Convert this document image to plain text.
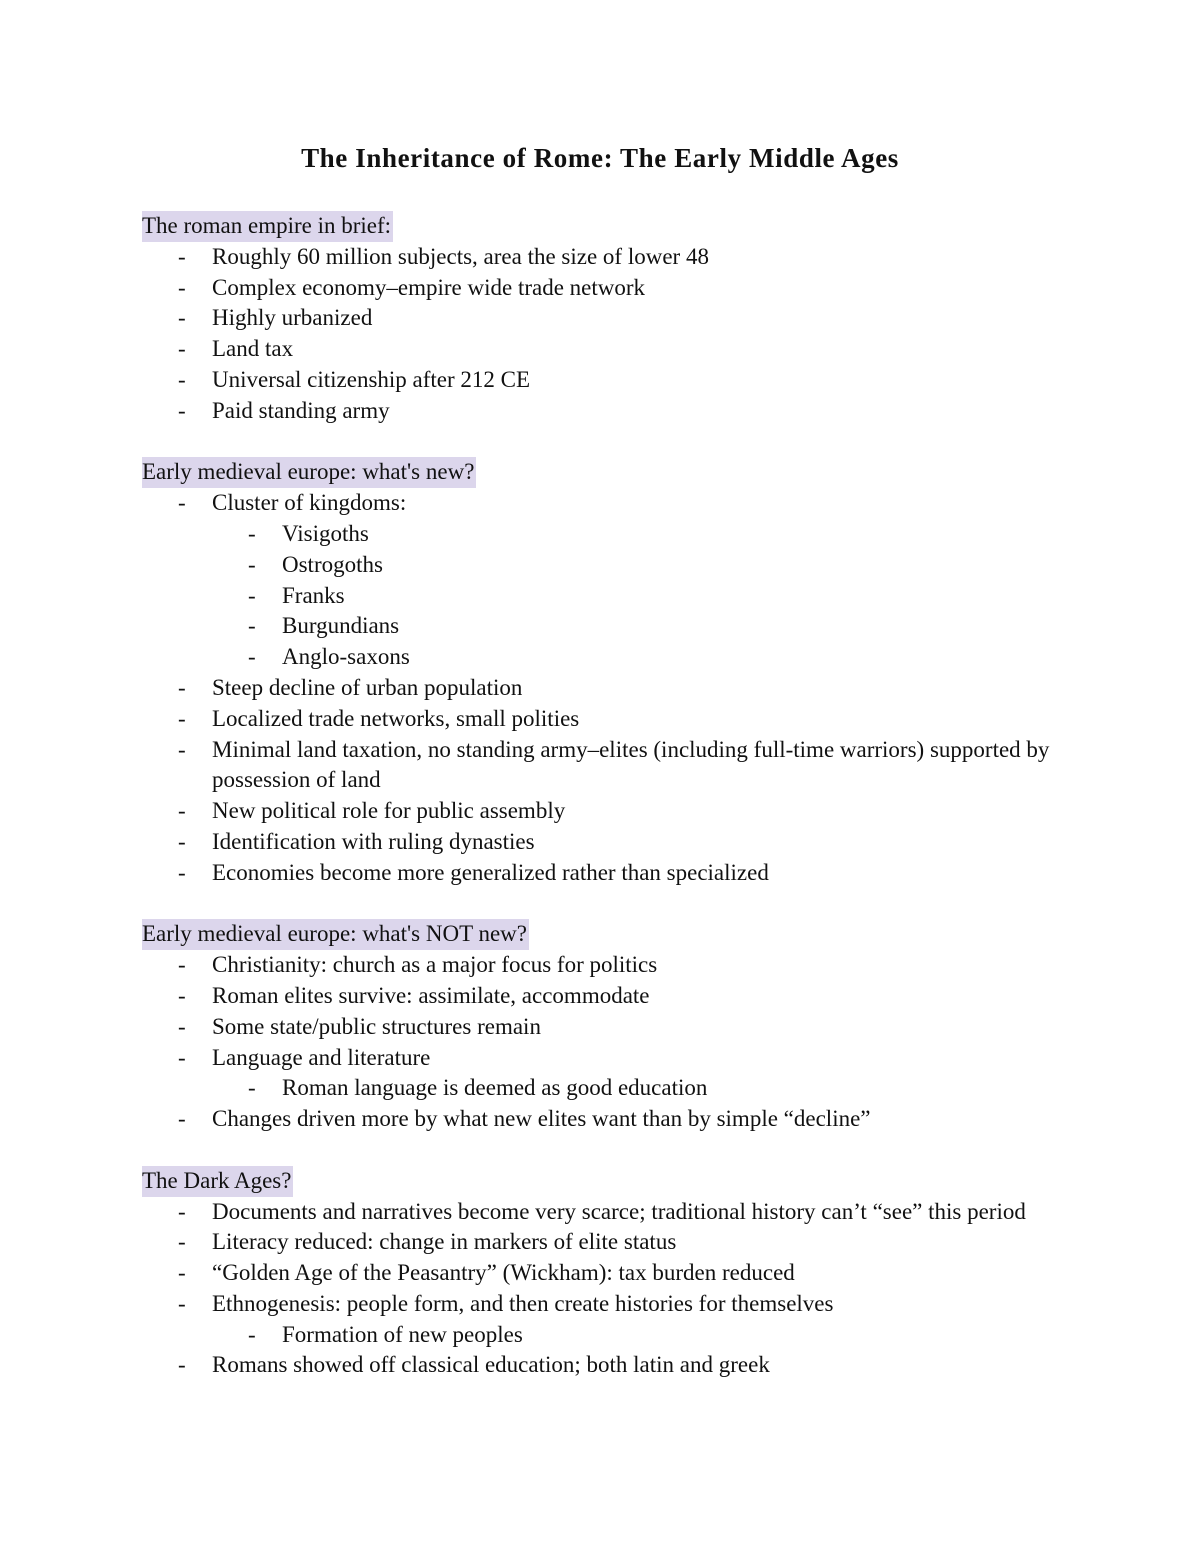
The Inheritance of Rome: The Early Middle Ages
The roman empire in brief:
- Roughly 60 million subjects, area the size of lower 48
- Complex economy–empire wide trade network
- Highly urbanized
- Land tax
- Universal citizenship after 212 CE
- Paid standing army
Early medieval europe: what's new?
- Cluster of kingdoms:
- Visigoths
- Ostrogoths
- Franks
- Burgundians
- Anglo-saxons
- Steep decline of urban population
- Localized trade networks, small polities
- Minimal land taxation, no standing army–elites (including full-time warriors) supported by possession of land
- New political role for public assembly
- Identification with ruling dynasties
- Economies become more generalized rather than specialized
Early medieval europe: what's NOT new?
- Christianity: church as a major focus for politics
- Roman elites survive: assimilate, accommodate
- Some state/public structures remain
- Language and literature
- Roman language is deemed as good education
- Changes driven more by what new elites want than by simple “decline”
The Dark Ages?
- Documents and narratives become very scarce; traditional history can’t “see” this period
- Literacy reduced: change in markers of elite status
- “Golden Age of the Peasantry” (Wickham): tax burden reduced
- Ethnogenesis: people form, and then create histories for themselves
- Formation of new peoples
- Romans showed off classical education; both latin and greek
